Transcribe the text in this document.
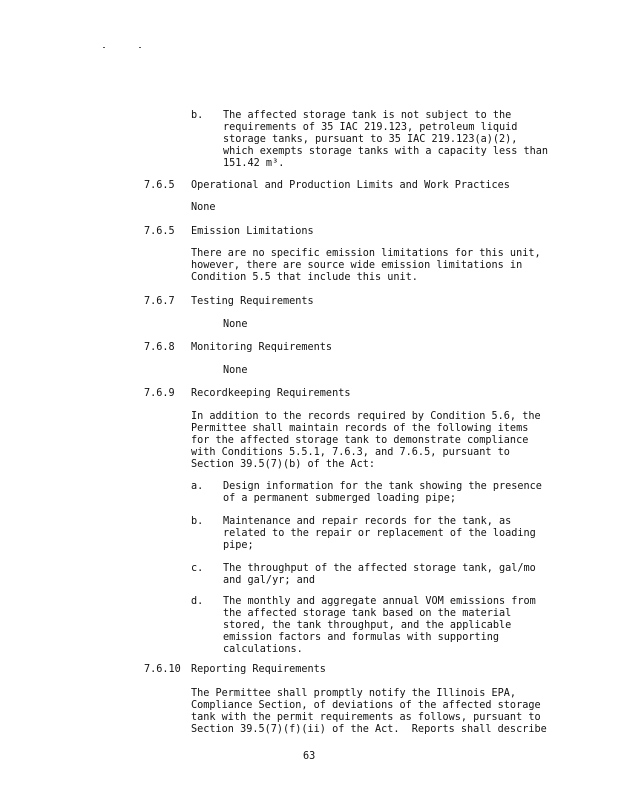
b. The affected storage tank is not subject to the
requirements of 35 IAC 219.123, petroleum liquid
storage tanks, pursuant to 35 IAC 219.123(a)(2),
which exempts storage tanks with a capacity less than
151.42 m³.
7.6.5 Operational and Production Limits and Work Practices
None
7.6.5 Emission Limitations
There are no specific emission limitations for this unit,
however, there are source wide emission limitations in
Condition 5.5 that include this unit.
7.6.7 Testing Requirements
None
7.6.8 Monitoring Requirements
None
7.6.9 Recordkeeping Requirements
In addition to the records required by Condition 5.6, the
Permittee shall maintain records of the following items
for the affected storage tank to demonstrate compliance
with Conditions 5.5.1, 7.6.3, and 7.6.5, pursuant to
Section 39.5(7)(b) of the Act:
a. Design information for the tank showing the presence
of a permanent submerged loading pipe;
b. Maintenance and repair records for the tank, as
related to the repair or replacement of the loading
pipe;
c. The throughput of the affected storage tank, gal/mo
and gal/yr; and
d. The monthly and aggregate annual VOM emissions from
the affected storage tank based on the material
stored, the tank throughput, and the applicable
emission factors and formulas with supporting
calculations.
7.6.10 Reporting Requirements
The Permittee shall promptly notify the Illinois EPA,
Compliance Section, of deviations of the affected storage
tank with the permit requirements as follows, pursuant to
Section 39.5(7)(f)(ii) of the Act.  Reports shall describe
63
